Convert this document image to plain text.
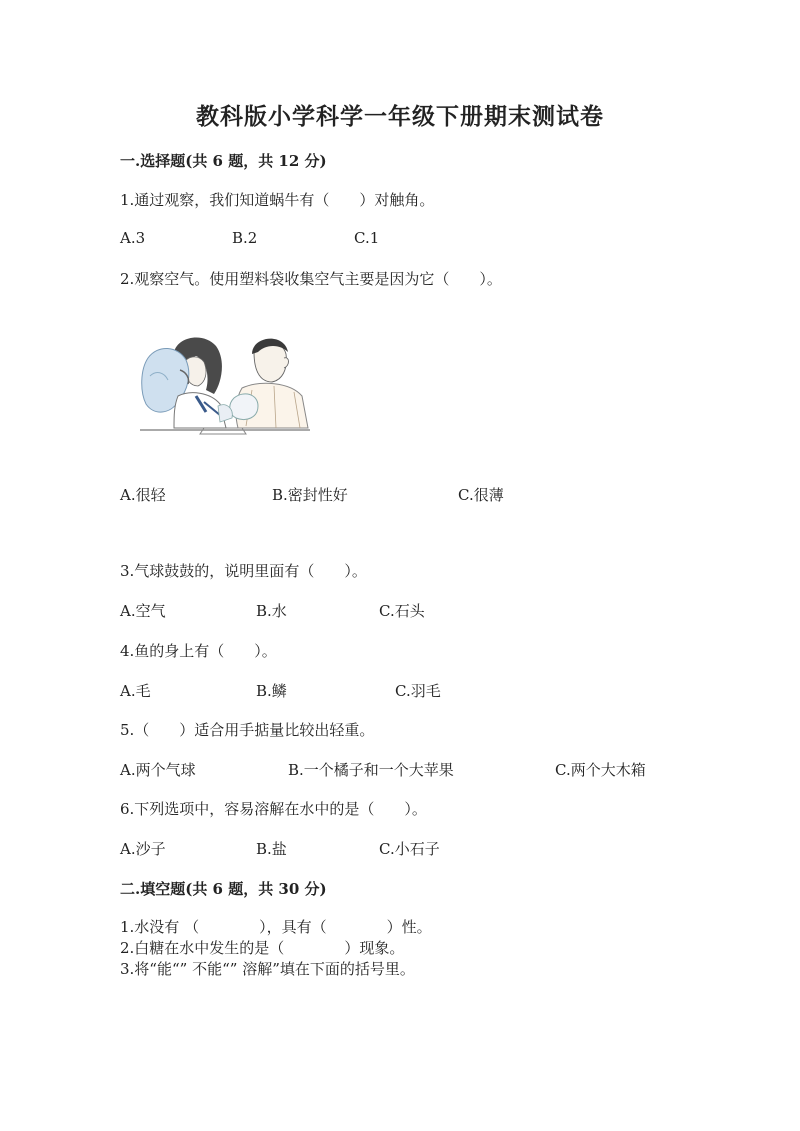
教科版小学科学一年级下册期末测试卷
一.选择题(共 6 题，共 12 分)
1.通过观察，我们知道蜗牛有（　　）对触角。
A.3	B.2	C.1
2.观察空气。使用塑料袋收集空气主要是因为它（　　）。
A.很轻	B.密封性好	C.很薄
3.气球鼓鼓的，说明里面有（　　）。
A.空气	B.水	C.石头
4.鱼的身上有（　　）。
A.毛	B.鳞	C.羽毛
5.（　　）适合用手掂量比较出轻重。
A.两个气球	B.一个橘子和一个大苹果	C.两个大木箱
6.下列选项中，容易溶解在水中的是（　　）。
A.沙子	B.盐	C.小石子
二.填空题(共 6 题，共 30 分)
1.水没有 （　　　　），具有（　　　　）性。
2.白糖在水中发生的是（　　　　）现象。
3.将“能“” 不能“” 溶解”填在下面的括号里。
